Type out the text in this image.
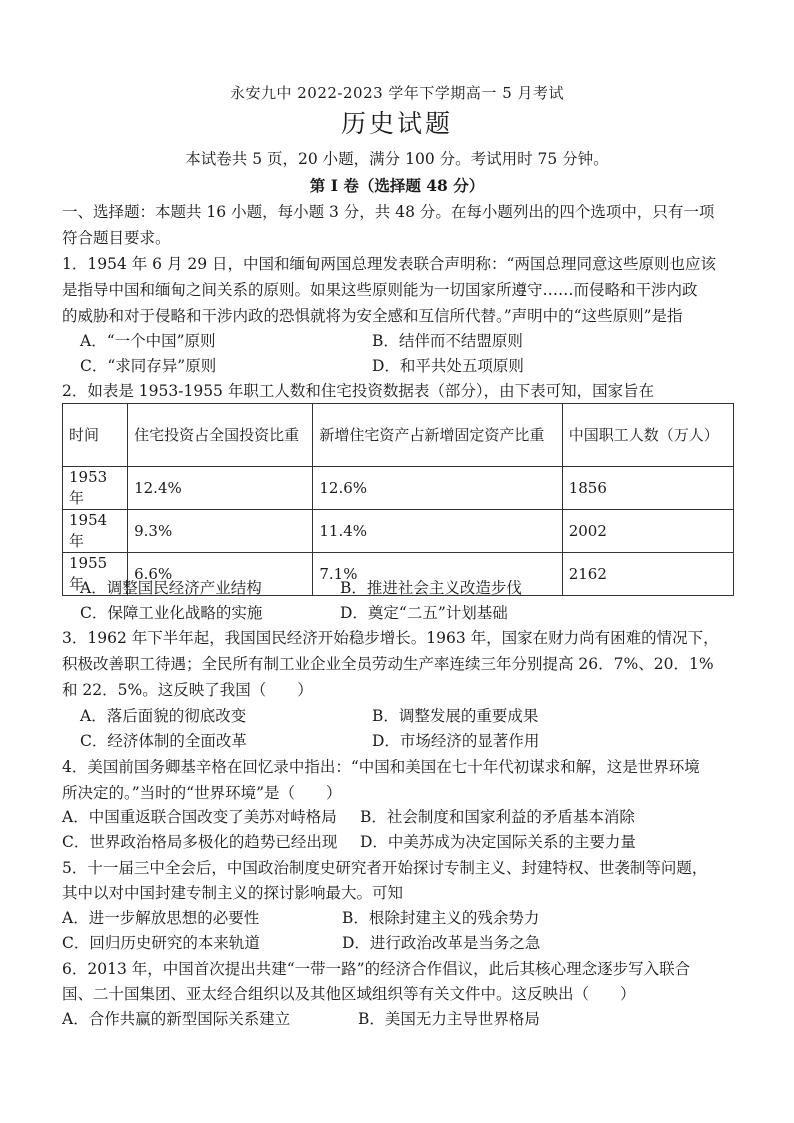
永安九中 2022-2023 学年下学期高一 5 月考试
历史试题
本试卷共 5 页，20 小题，满分 100 分。考试用时 75 分钟。
第 I 卷（选择题 48 分）
一、选择题：本题共 16 小题，每小题 3 分，共 48 分。在每小题列出的四个选项中，只有一项
符合题目要求。
1．1954 年 6 月 29 日，中国和缅甸两国总理发表联合声明称：“两国总理同意这些原则也应该
是指导中国和缅甸之间关系的原则。如果这些原则能为一切国家所遵守……而侵略和干涉内政
的威胁和对于侵略和干涉内政的恐惧就将为安全感和互信所代替。”声明中的“这些原则”是指
A．“一个中国”原则	B．结伴而不结盟原则
C．“求同存异”原则	D．和平共处五项原则
2．如表是 1953-1955 年职工人数和住宅投资数据表（部分），由下表可知，国家旨在
时间	住宅投资占全国投资比重	新增住宅资产占新增固定资产比重	中国职工人数（万人）
1953 年	12.4%	12.6%	1856
1954 年	9.3%	11.4%	2002
1955 年	6.6%	7.1%	2162
A．调整国民经济产业结构	B．推进社会主义改造步伐
C．保障工业化战略的实施	D．奠定“二五”计划基础
3．1962 年下半年起，我国国民经济开始稳步增长。1963 年，国家在财力尚有困难的情况下，
积极改善职工待遇；全民所有制工业企业全员劳动生产率连续三年分别提高 26．7%、20．1%
和 22．5%。这反映了我国（　　）
A．落后面貌的彻底改变	B．调整发展的重要成果
C．经济体制的全面改革	D．市场经济的显著作用
4．美国前国务卿基辛格在回忆录中指出：“中国和美国在七十年代初谋求和解，这是世界环境
所决定的。”当时的“世界环境”是（　　）
A．中国重返联合国改变了美苏对峙格局 B．社会制度和国家利益的矛盾基本消除
C．世界政治格局多极化的趋势已经出现 D．中美苏成为决定国际关系的主要力量
5．十一届三中全会后，中国政治制度史研究者开始探讨专制主义、封建特权、世袭制等问题，
其中以对中国封建专制主义的探讨影响最大。可知
A．进一步解放思想的必要性	B．根除封建主义的残余势力
C．回归历史研究的本来轨道	D．进行政治改革是当务之急
6．2013 年，中国首次提出共建“一带一路”的经济合作倡议，此后其核心理念逐步写入联合
国、二十国集团、亚太经合组织以及其他区域组织等有关文件中。这反映出（　　）
A．合作共赢的新型国际关系建立	B．美国无力主导世界格局
